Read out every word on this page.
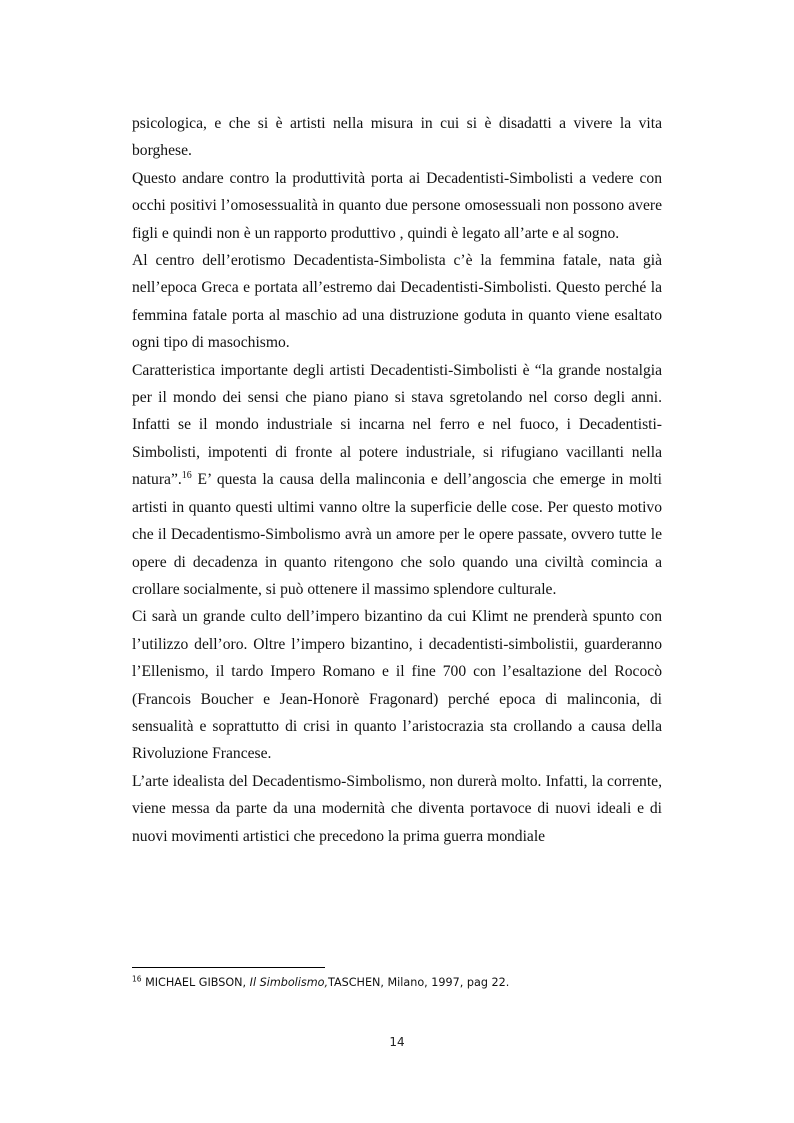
psicologica, e che si è artisti nella misura in cui si è disadatti a vivere la vita borghese.

Questo andare contro la produttività porta ai Decadentisti-Simbolisti a vedere con occhi positivi l’omosessualità in quanto due persone omosessuali non possono avere figli e quindi non è un rapporto produttivo , quindi è legato all’arte e al sogno.

Al centro dell’erotismo Decadentista-Simbolista c’è la femmina fatale, nata già nell’epoca Greca e portata all’estremo dai Decadentisti-Simbolisti. Questo perché la femmina fatale porta al maschio ad una distruzione goduta in quanto viene esaltato ogni tipo di masochismo.

Caratteristica importante degli artisti Decadentisti-Simbolisti è “la grande nostalgia per il mondo dei sensi che piano piano si stava sgretolando nel corso degli anni. Infatti se il mondo industriale si incarna nel ferro e nel fuoco, i Decadentisti-Simbolisti, impotenti di fronte al potere industriale, si rifugiano vacillanti nella natura”.$^{16}$ E’ questa la causa della malinconia e dell’angoscia che emerge in molti artisti in quanto questi ultimi vanno oltre la superficie delle cose. Per questo motivo che il Decadentismo-Simbolismo avrà un amore per le opere passate, ovvero tutte le opere di decadenza in quanto ritengono che solo quando una civiltà comincia a crollare socialmente, si può ottenere il massimo splendore culturale.

Ci sarà un grande culto dell’impero bizantino da cui Klimt ne prenderà spunto con l’utilizzo dell’oro. Oltre l’impero bizantino, i decadentisti-simbolistii, guarderanno l’Ellenismo, il tardo Impero Romano e il fine 700 con l’esaltazione del Rococò (Francois Boucher e Jean-Honorè Fragonard) perché epoca di malinconia, di sensualità e soprattutto di crisi in quanto l’aristocrazia sta crollando a causa della Rivoluzione Francese.

L’arte idealista del Decadentismo-Simbolismo, non durerà molto. Infatti, la corrente, viene messa da parte da una modernità che diventa portavoce di nuovi ideali e di nuovi movimenti artistici che precedono la prima guerra mondiale

$^{16}$ MICHAEL GIBSON, Il Simbolismo,TASCHEN, Milano, 1997, pag 22.
14
